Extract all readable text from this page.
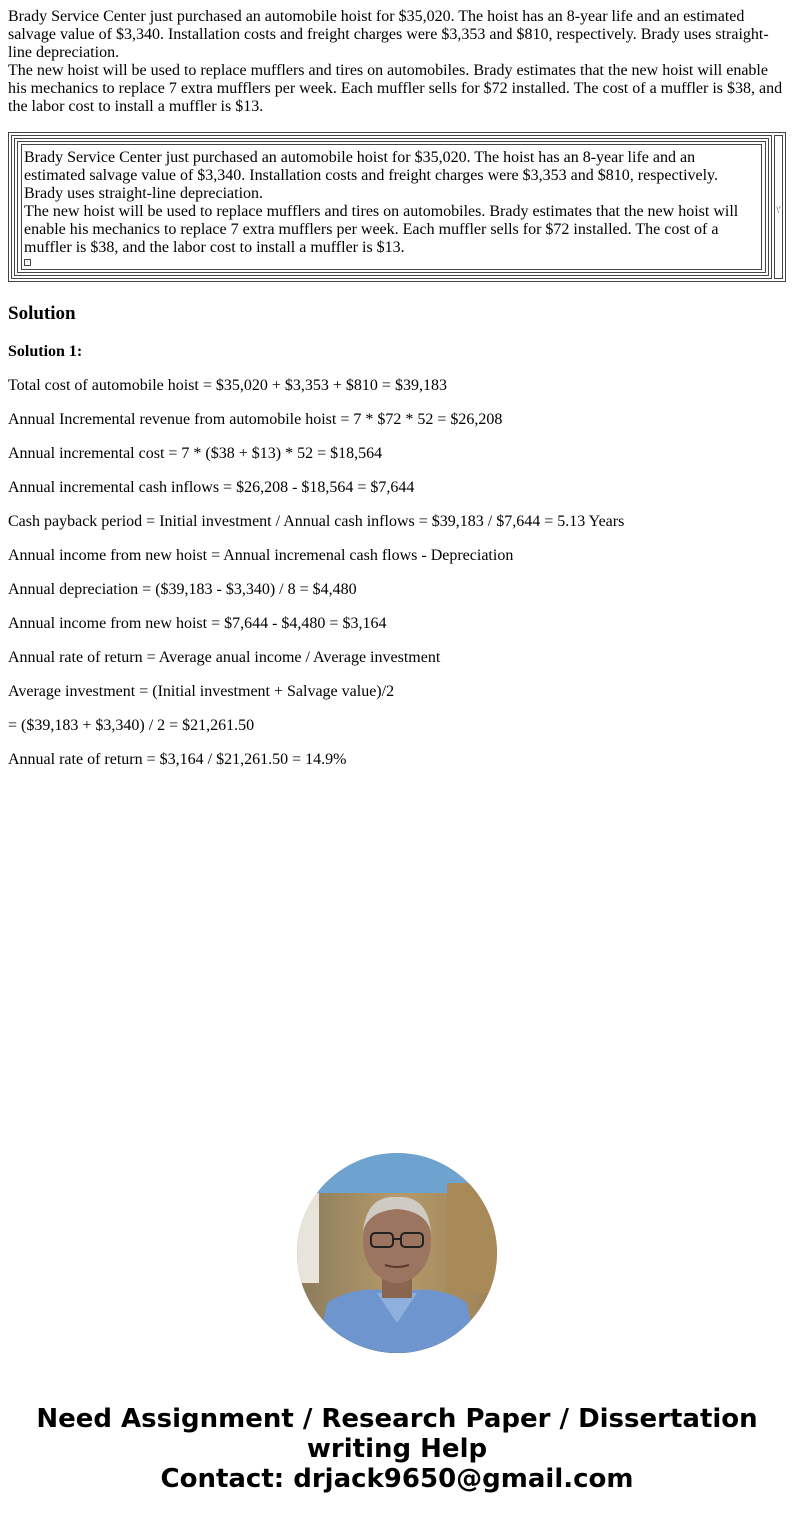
Brady Service Center just purchased an automobile hoist for $35,020. The hoist has an 8-year life and an estimated salvage value of $3,340. Installation costs and freight charges were $3,353 and $810, respectively. Brady uses straight-line depreciation.

The new hoist will be used to replace mufflers and tires on automobiles. Brady estimates that the new hoist will enable his mechanics to replace 7 extra mufflers per week. Each muffler sells for $72 installed. The cost of a muffler is $38, and the labor cost to install a muffler is $13.

Brady Service Center just purchased an automobile hoist for $35,020. The hoist has an 8-year life and an estimated salvage value of $3,340. Installation costs and freight charges were $3,353 and $810, respectively. Brady uses straight-line depreciation.

The new hoist will be used to replace mufflers and tires on automobiles. Brady estimates that the new hoist will enable his mechanics to replace 7 extra mufflers per week. Each muffler sells for $72 installed. The cost of a muffler is $38, and the labor cost to install a muffler is $13.

·
\'
Solution
Solution 1:

Total cost of automobile hoist = $35,020 + $3,353 + $810 = $39,183

Annual Incremental revenue from automobile hoist = 7 * $72 * 52 = $26,208

Annual incremental cost = 7 * ($38 + $13) * 52 = $18,564

Annual incremental cash inflows = $26,208 - $18,564 = $7,644

Cash payback period = Initial investment / Annual cash inflows = $39,183 / $7,644 = 5.13 Years

Annual income from new hoist = Annual incremenal cash flows - Depreciation

Annual depreciation = ($39,183 - $3,340) / 8 = $4,480

Annual income from new hoist = $7,644 - $4,480 = $3,164

Annual rate of return = Average anual income / Average investment

Average investment = (Initial investment + Salvage value)/2

= ($39,183 + $3,340) / 2 = $21,261.50

Annual rate of return = $3,164 / $21,261.50 = 14.9%

Need Assignment / Research Paper / Dissertation
writing Help
Contact: drjack9650@gmail.com
